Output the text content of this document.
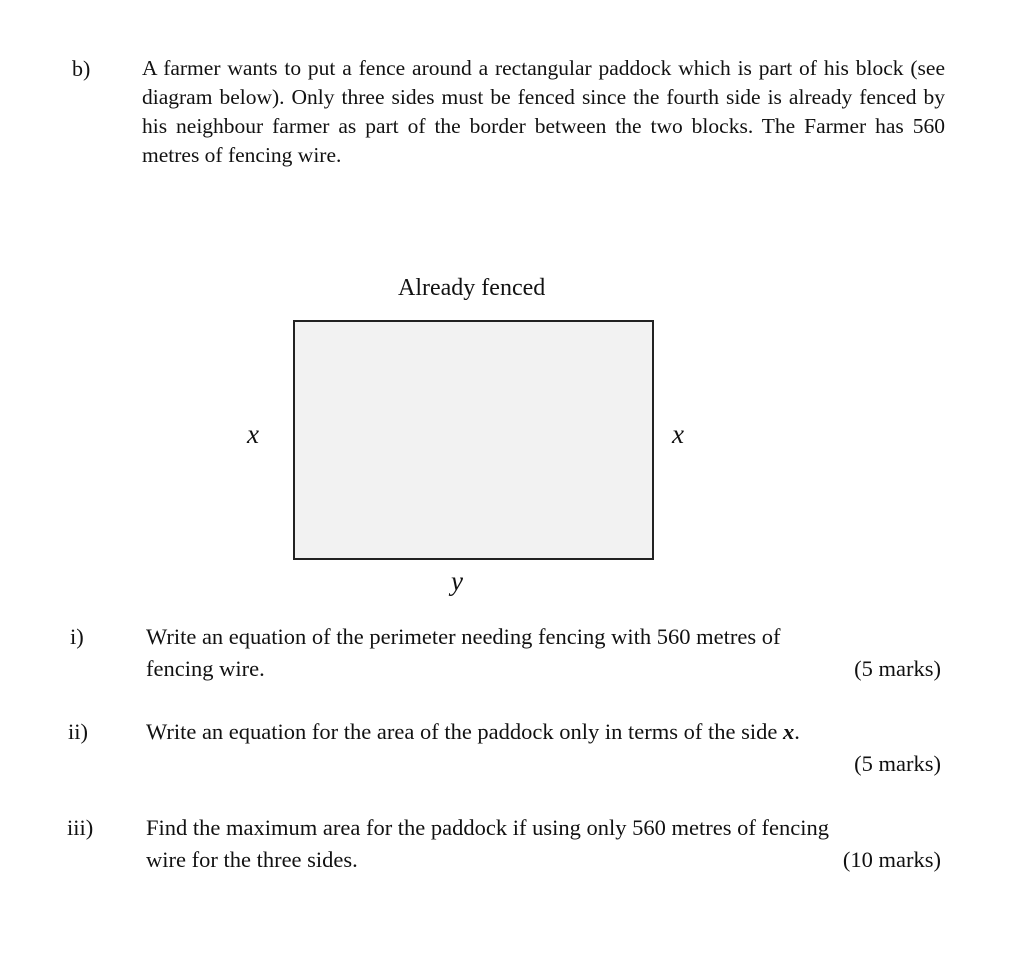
b) A farmer wants to put a fence around a rectangular paddock which is part of his block (see diagram below). Only three sides must be fenced since the fourth side is already fenced by his neighbour farmer as part of the border between the two blocks. The Farmer has 560 metres of fencing wire.
Already fenced
x	x
y
i)	Write an equation of the perimeter needing fencing with 560 metres of
fencing wire.	(5 marks)
ii)	Write an equation for the area of the paddock only in terms of the side x.
(5 marks)
iii) Find the maximum area for the paddock if using only 560 metres of fencing
wire for the three sides.	(10 marks)
